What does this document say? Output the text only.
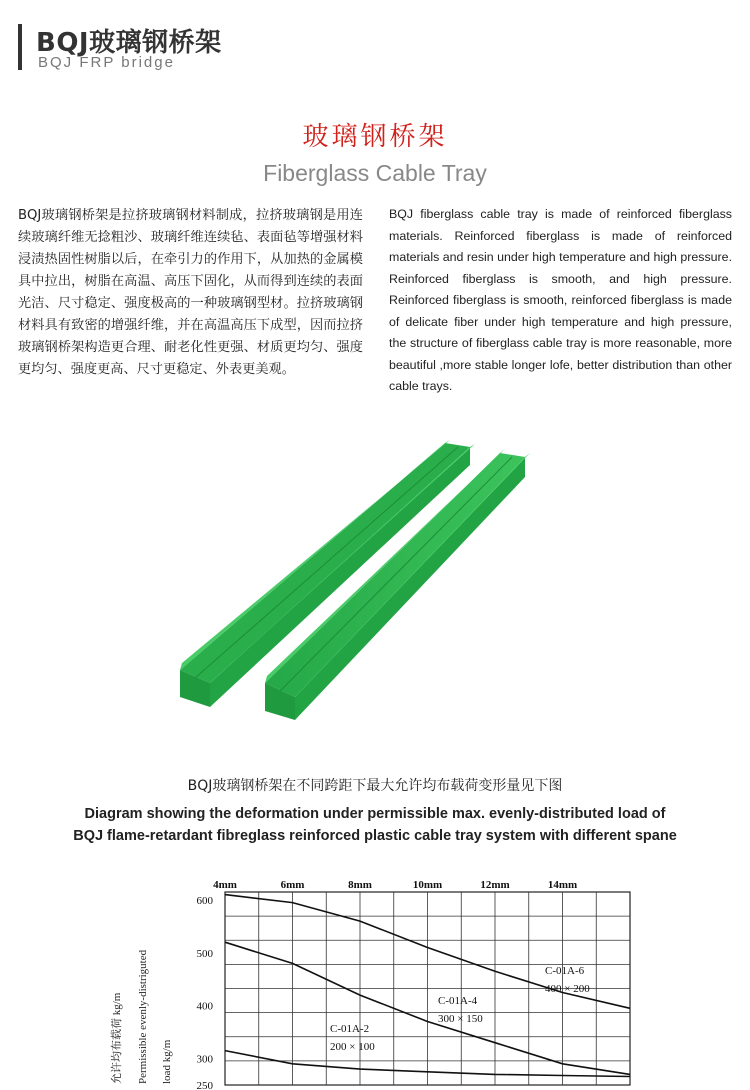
BQJ玻璃钢桥架
BQJ FRP bridge
玻璃钢桥架
Fiberglass Cable Tray
BQJ玻璃钢桥架是拉挤玻璃钢材料制成，拉挤玻璃钢是用连续玻璃纤维无捻粗沙、玻璃纤维连续毡、表面毡等增强材料浸渍热固性树脂以后，在牵引力的作用下，从加热的金属模具中拉出，树脂在高温、高压下固化，从而得到连续的表面光洁、尺寸稳定、强度极高的一种玻璃钢型材。拉挤玻璃钢材料具有致密的增强纤维，并在高温高压下成型，因而拉挤玻璃钢桥架构造更合理、耐老化性更强、材质更均匀、强度更均匀、强度更高、尺寸更稳定、外表更美观。
BQJ fiberglass cable tray is made of reinforced fiberglass materials. Reinforced fiberglass is made of reinforced materials and resin under high temperature and high pressure. Reinforced fiberglass is smooth, and high pressure. Reinforced fiberglass is smooth, reinforced fiberglass is made of delicate fiber under high temperature and high pressure, the structure of fiberglass cable tray is more reasonable, more beautiful ,more stable longer lofe, better distribution than other cable trays.
BQJ玻璃钢桥架在不同跨距下最大允许均布载荷变形量见下图
Diagram showing the deformation under permissible max. evenly-distributed load of
BQJ flame-retardant fibreglass reinforced plastic cable tray system with different spane
4mm	6mm	8mm	10mm	12mm	14mm
250
300
400
500
600
C-01A-6
400 × 200
C-01A-4
300 × 150
C-01A-2
200 × 100
允许均布载荷 kg/m Permissible evenly-distriguted load kg/m
